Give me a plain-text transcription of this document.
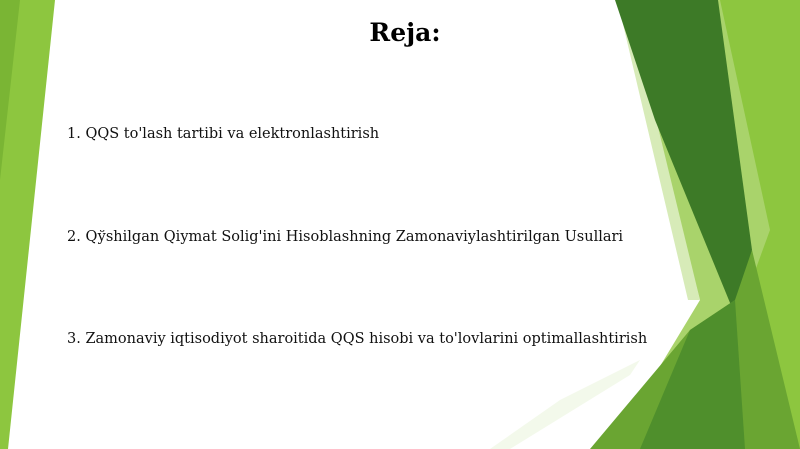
Reja:

1. QQS to'lash tartibi va elektronlashtirish

2. Qўshilgan Qiymat Solig'ini Hisoblashning Zamonaviylashtirilgan Usullari

3. Zamonaviy iqtisodiyot sharoitida QQS hisobi va to'lovlarini optimallashtirish
